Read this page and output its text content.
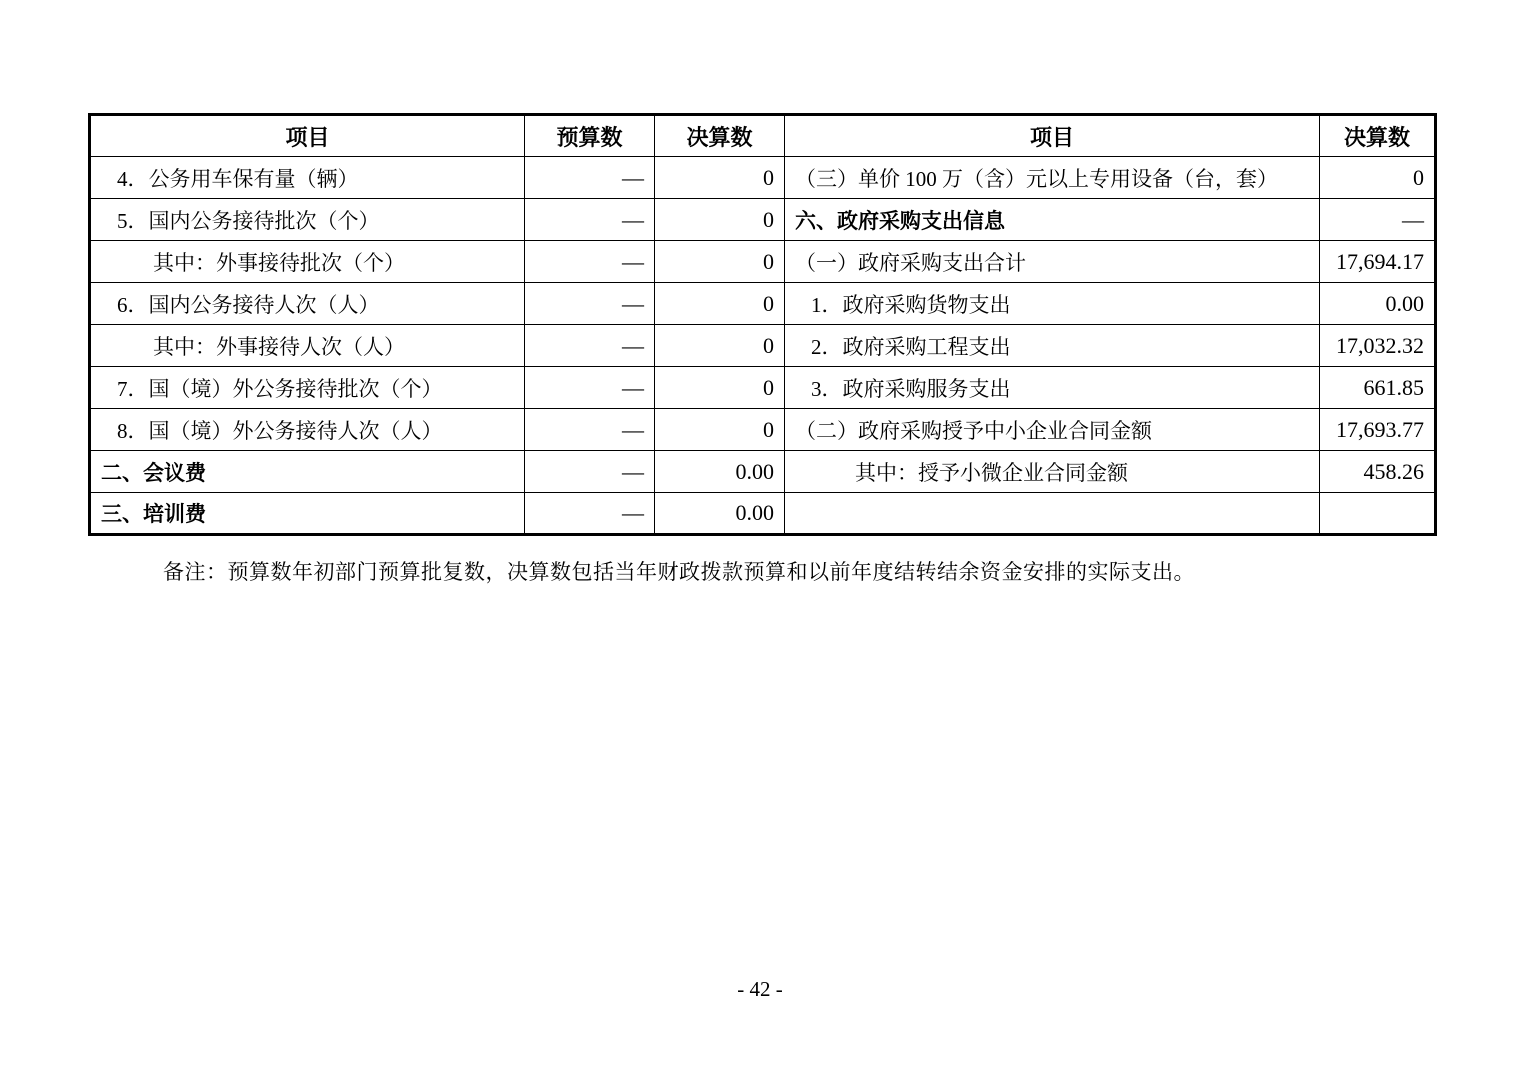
项目	预算数	决算数	项目	决算数
4．公务用车保有量（辆）	—	0	（三）单价 100 万（含）元以上专用设备（台，套）	0
5．国内公务接待批次（个）	—	0	六、政府采购支出信息	—
其中：外事接待批次（个）	—	0	（一）政府采购支出合计	17,694.17
6．国内公务接待人次（人）	—	0	1．政府采购货物支出	0.00
其中：外事接待人次（人）	—	0	2．政府采购工程支出	17,032.32
7．国（境）外公务接待批次（个）	—	0	3．政府采购服务支出	661.85
8．国（境）外公务接待人次（人）	—	0	（二）政府采购授予中小企业合同金额	17,693.77
二、会议费	—	0.00	其中：授予小微企业合同金额	458.26
三、培训费	—	0.00		

备注：预算数年初部门预算批复数，决算数包括当年财政拨款预算和以前年度结转结余资金安排的实际支出。

- 42 -
